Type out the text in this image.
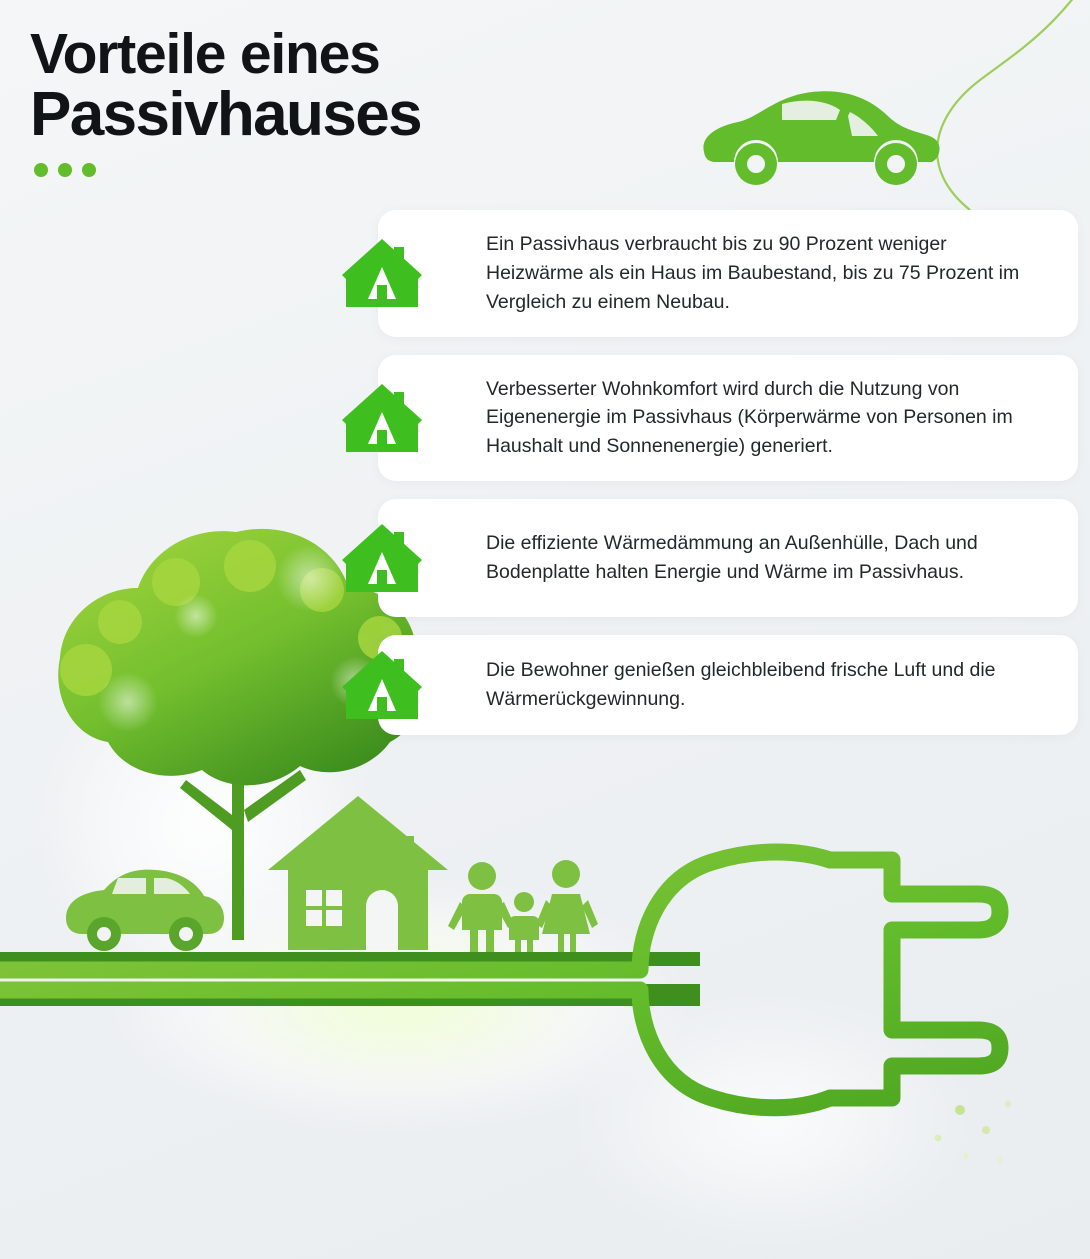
Vorteile eines
Passivhauses

Ein Passivhaus verbraucht bis zu 90 Prozent weniger Heizwärme als ein Haus im Baubestand, bis zu 75 Prozent im Vergleich zu einem Neubau.

Verbesserter Wohnkomfort wird durch die Nutzung von Eigenenergie im Passivhaus (Körperwärme von Personen im Haushalt und Sonnenenergie) generiert.

Die effiziente Wärmedämmung an Außenhülle, Dach und Bodenplatte halten Energie und Wärme im Passivhaus.

Die Bewohner genießen gleichbleibend frische Luft und die Wärmerückgewinnung.
